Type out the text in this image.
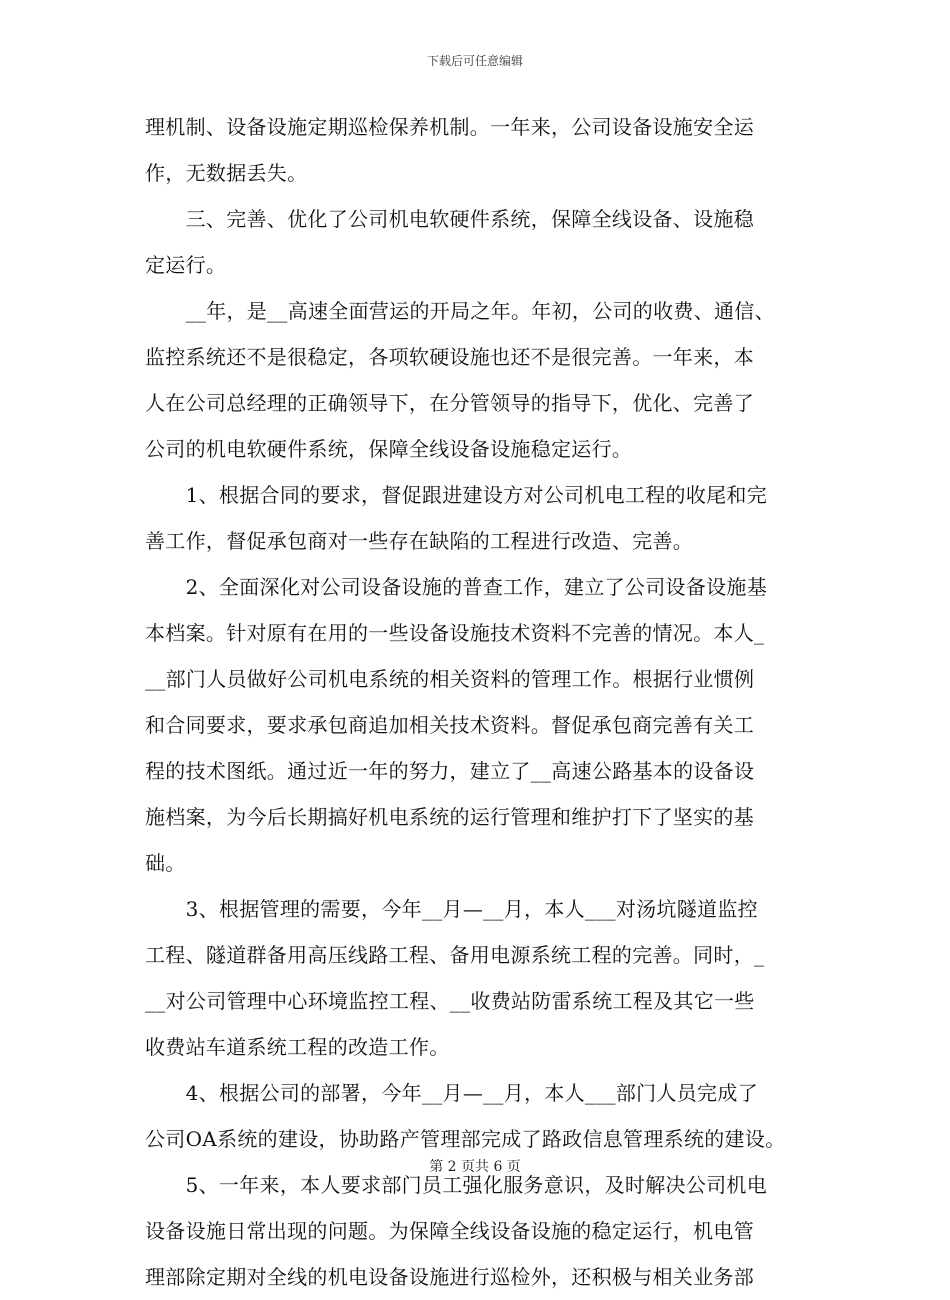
下载后可任意编辑
理机制、设备设施定期巡检保养机制。一年来，公司设备设施安全运
作，无数据丢失。
　　三、完善、优化了公司机电软硬件系统，保障全线设备、设施稳
定运行。
　　__年，是__高速全面营运的开局之年。年初，公司的收费、通信、
监控系统还不是很稳定，各项软硬设施也还不是很完善。一年来，本
人在公司总经理的正确领导下，在分管领导的指导下，优化、完善了
公司的机电软硬件系统，保障全线设备设施稳定运行。
　　1、根据合同的要求，督促跟进建设方对公司机电工程的收尾和完
善工作，督促承包商对一些存在缺陷的工程进行改造、完善。
　　2、全面深化对公司设备设施的普查工作，建立了公司设备设施基
本档案。针对原有在用的一些设备设施技术资料不完善的情况。本人_
__部门人员做好公司机电系统的相关资料的管理工作。根据行业惯例
和合同要求，要求承包商追加相关技术资料。督促承包商完善有关工
程的技术图纸。通过近一年的努力，建立了__高速公路基本的设备设
施档案，为今后长期搞好机电系统的运行管理和维护打下了坚实的基
础。
　　3、根据管理的需要，今年__月—__月，本人___对汤坑隧道监控
工程、隧道群备用高压线路工程、备用电源系统工程的完善。同时，_
__对公司管理中心环境监控工程、__收费站防雷系统工程及其它一些
收费站车道系统工程的改造工作。
　　4、根据公司的部署，今年__月—__月，本人___部门人员完成了
公司OA系统的建设，协助路产管理部完成了路政信息管理系统的建设。
　　5、一年来，本人要求部门员工强化服务意识，及时解决公司机电
设备设施日常出现的问题。为保障全线设备设施的稳定运行，机电管
理部除定期对全线的机电设备设施进行巡检外，还积极与相关业务部
第 2 页共 6 页
